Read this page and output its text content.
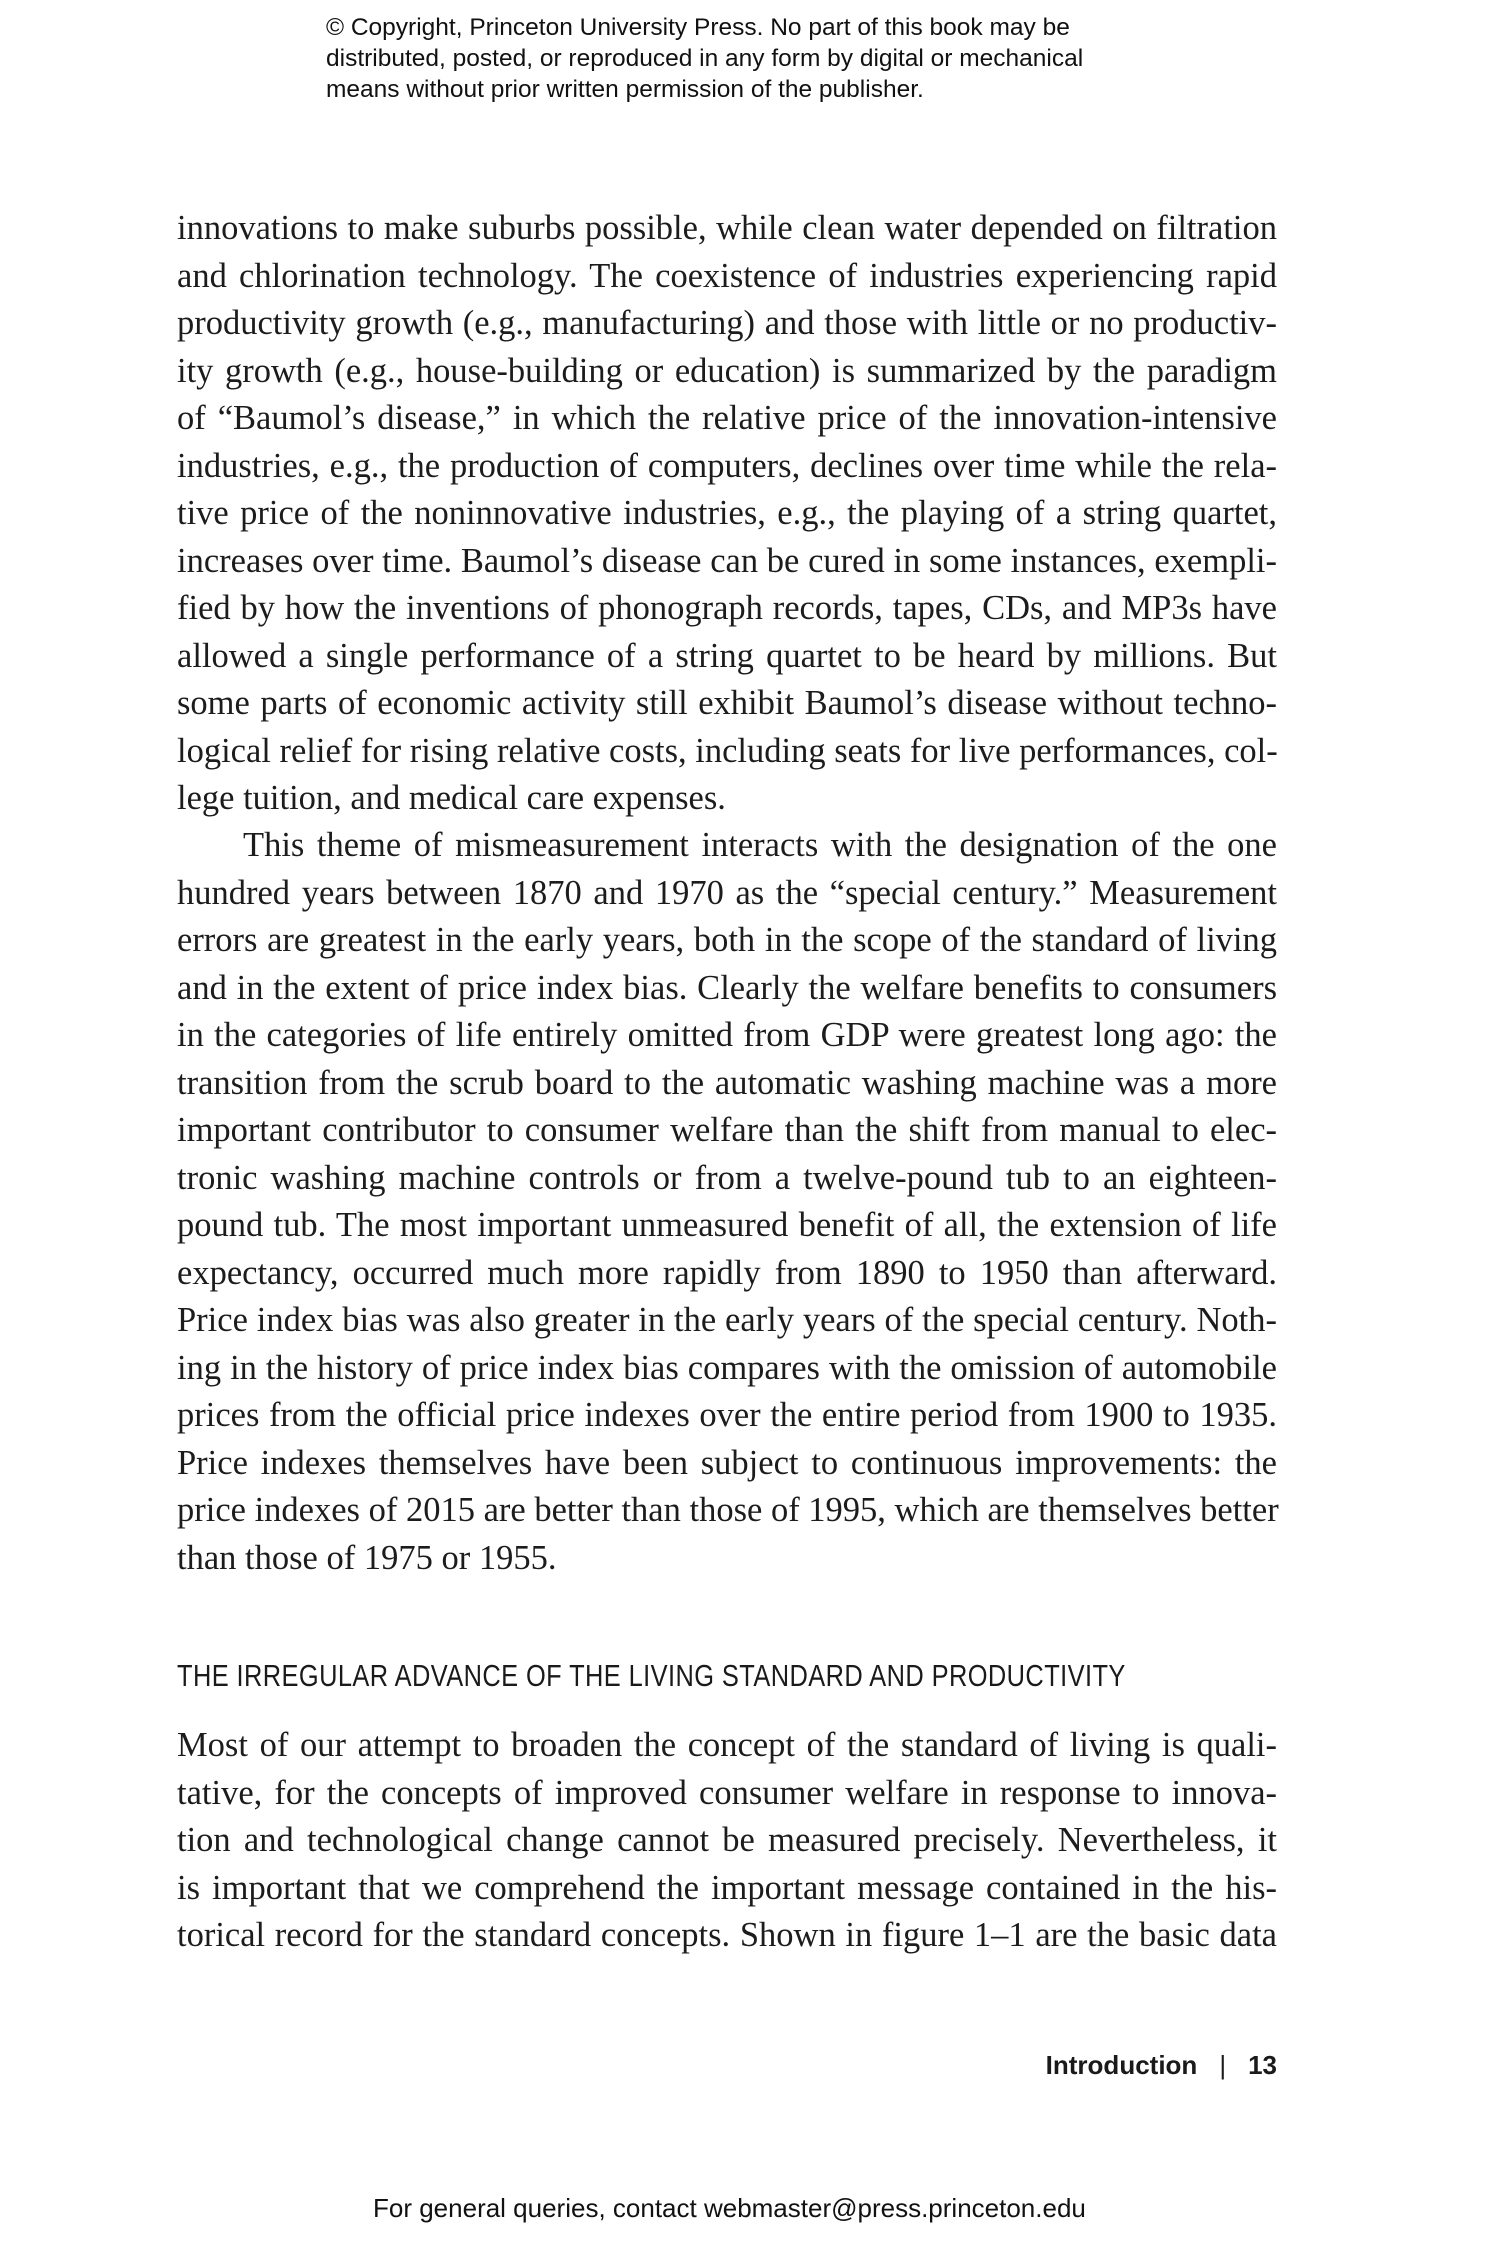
© Copyright, Princeton University Press. No part of this book may be
distributed, posted, or reproduced in any form by digital or mechanical
means without prior written permission of the publisher.
innovations to make suburbs possible, while clean water depended on filtration
and chlorination technology. The coexistence of industries experiencing rapid
productivity growth (e.g., manufacturing) and those with little or no productiv-
ity growth (e.g., house-building or education) is summarized by the paradigm
of “Baumol’s disease,” in which the relative price of the innovation-intensive
industries, e.g., the production of computers, declines over time while the rela-
tive price of the noninnovative industries, e.g., the playing of a string quartet,
increases over time. Baumol’s disease can be cured in some instances, exempli-
fied by how the inventions of phonograph records, tapes, CDs, and MP3s have
allowed a single performance of a string quartet to be heard by millions. But
some parts of economic activity still exhibit Baumol’s disease without techno-
logical relief for rising relative costs, including seats for live performances, col-
lege tuition, and medical care expenses.
This theme of mismeasurement interacts with the designation of the one
hundred years between 1870 and 1970 as the “special century.” Measurement
errors are greatest in the early years, both in the scope of the standard of living
and in the extent of price index bias. Clearly the welfare benefits to consumers
in the categories of life entirely omitted from GDP were greatest long ago: the
transition from the scrub board to the automatic washing machine was a more
important contributor to consumer welfare than the shift from manual to elec-
tronic washing machine controls or from a twelve-pound tub to an eighteen-
pound tub. The most important unmeasured benefit of all, the extension of life
expectancy, occurred much more rapidly from 1890 to 1950 than afterward.
Price index bias was also greater in the early years of the special century. Noth-
ing in the history of price index bias compares with the omission of automobile
prices from the official price indexes over the entire period from 1900 to 1935.
Price indexes themselves have been subject to continuous improvements: the
price indexes of 2015 are better than those of 1995, which are themselves better
than those of 1975 or 1955.
THE IRREGULAR ADVANCE OF THE LIVING STANDARD AND PRODUCTIVITY
Most of our attempt to broaden the concept of the standard of living is quali-
tative, for the concepts of improved consumer welfare in response to innova-
tion and technological change cannot be measured precisely. Nevertheless, it
is important that we comprehend the important message contained in the his-
torical record for the standard concepts. Shown in figure 1–1 are the basic data
Introduction | 13
For general queries, contact webmaster@press.princeton.edu
